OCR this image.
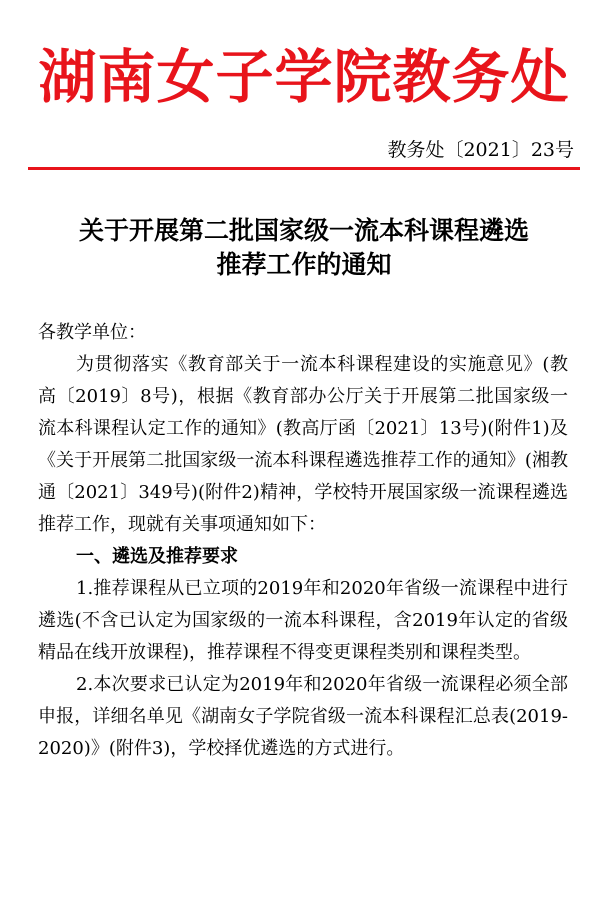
湖南女子学院教务处
教务处〔2021〕23号
关于开展第二批国家级一流本科课程遴选
推荐工作的通知

各教学单位：

为贯彻落实《教育部关于一流本科课程建设的实施意见》(教高〔2019〕8号)，根据《教育部办公厅关于开展第二批国家级一流本科课程认定工作的通知》(教高厅函〔2021〕13号)(附件1)及《关于开展第二批国家级一流本科课程遴选推荐工作的通知》(湘教通〔2021〕349号)(附件2)精神，学校特开展国家级一流课程遴选推荐工作，现就有关事项通知如下：

一、遴选及推荐要求

1.推荐课程从已立项的2019年和2020年省级一流课程中进行遴选(不含已认定为国家级的一流本科课程，含2019年认定的省级精品在线开放课程)，推荐课程不得变更课程类别和课程类型。

2.本次要求已认定为2019年和2020年省级一流课程必须全部申报，详细名单见《湖南女子学院省级一流本科课程汇总表(2019-2020)》(附件3)，学校择优遴选的方式进行。
